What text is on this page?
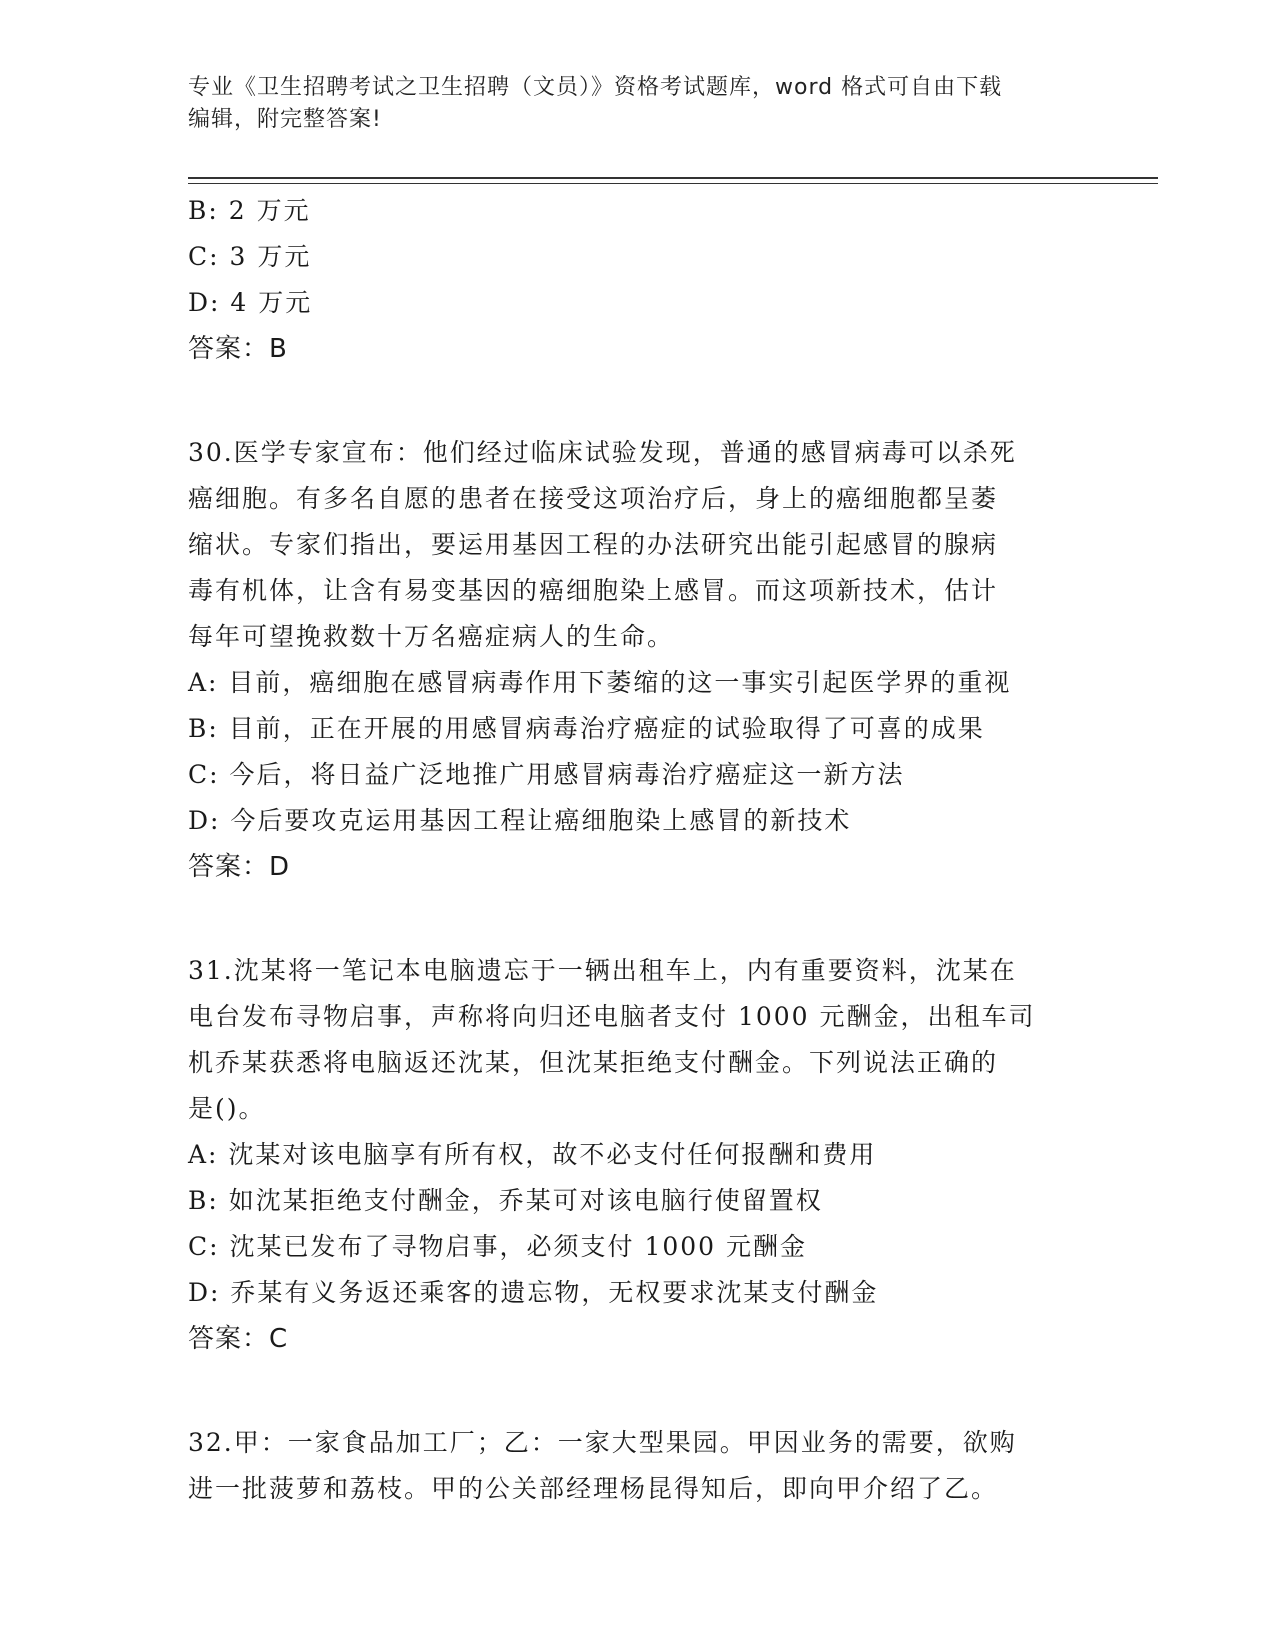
专业《卫生招聘考试之卫生招聘（文员）》资格考试题库，word 格式可自由下载
编辑，附完整答案!
B: 2 万元
C: 3 万元
D: 4 万元
答案：B
30.医学专家宣布：他们经过临床试验发现，普通的感冒病毒可以杀死
癌细胞。有多名自愿的患者在接受这项治疗后，身上的癌细胞都呈萎
缩状。专家们指出，要运用基因工程的办法研究出能引起感冒的腺病
毒有机体，让含有易变基因的癌细胞染上感冒。而这项新技术，估计
每年可望挽救数十万名癌症病人的生命。
A: 目前，癌细胞在感冒病毒作用下萎缩的这一事实引起医学界的重视
B: 目前，正在开展的用感冒病毒治疗癌症的试验取得了可喜的成果
C: 今后，将日益广泛地推广用感冒病毒治疗癌症这一新方法
D: 今后要攻克运用基因工程让癌细胞染上感冒的新技术
答案：D
31.沈某将一笔记本电脑遗忘于一辆出租车上，内有重要资料，沈某在
电台发布寻物启事，声称将向归还电脑者支付 1000 元酬金，出租车司
机乔某获悉将电脑返还沈某，但沈某拒绝支付酬金。下列说法正确的
是()。
A: 沈某对该电脑享有所有权，故不必支付任何报酬和费用
B: 如沈某拒绝支付酬金，乔某可对该电脑行使留置权
C: 沈某已发布了寻物启事，必须支付 1000 元酬金
D: 乔某有义务返还乘客的遗忘物，无权要求沈某支付酬金
答案：C
32.甲：一家食品加工厂；乙：一家大型果园。甲因业务的需要，欲购
进一批菠萝和荔枝。甲的公关部经理杨昆得知后，即向甲介绍了乙。
